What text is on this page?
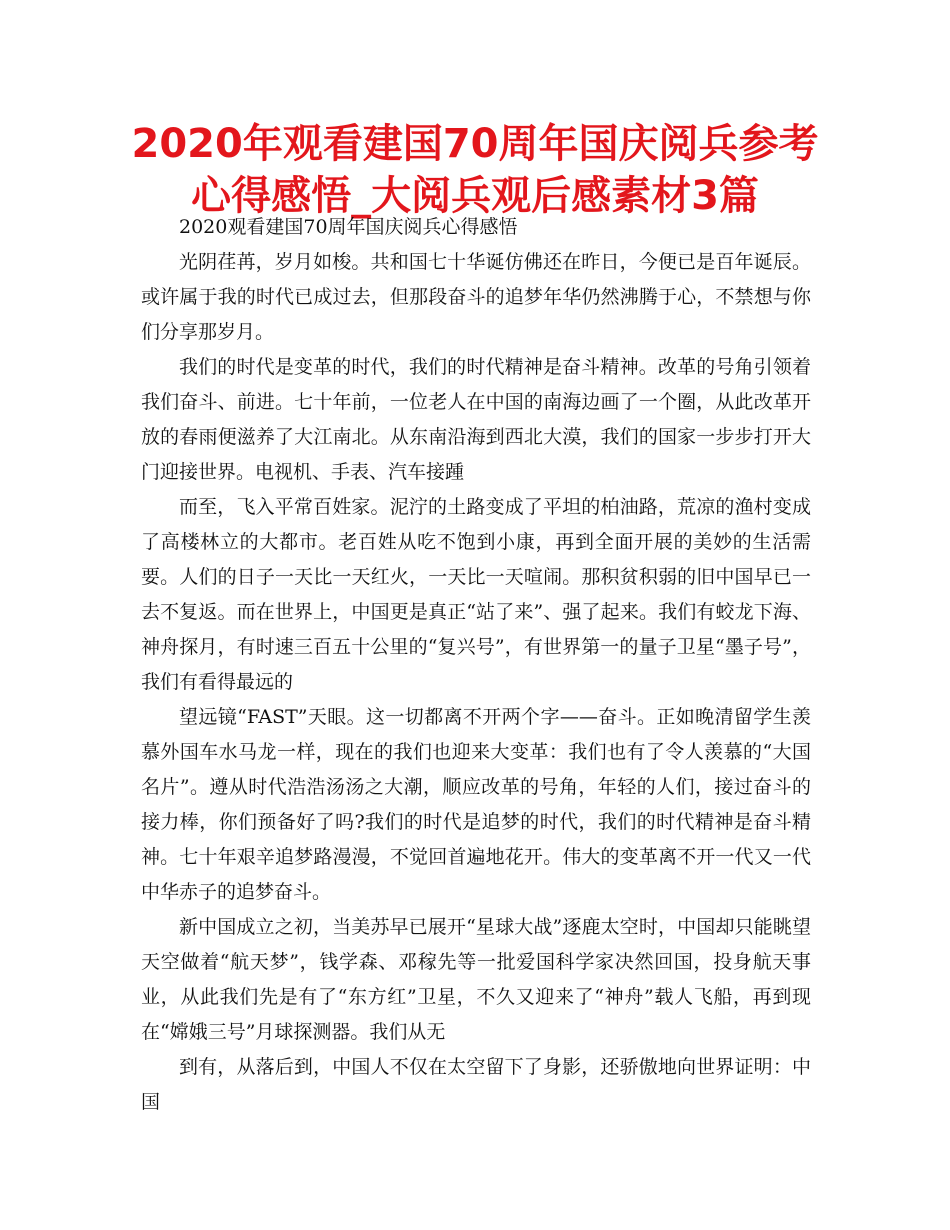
2020年观看建国70周年国庆阅兵参考心得感悟_大阅兵观后感素材3篇

2020观看建国70周年国庆阅兵心得感悟

光阴荏苒，岁月如梭。共和国七十华诞仿佛还在昨日，今便已是百年诞辰。或许属于我的时代已成过去，但那段奋斗的追梦年华仍然沸腾于心，不禁想与你们分享那岁月。

我们的时代是变革的时代，我们的时代精神是奋斗精神。改革的号角引领着我们奋斗、前进。七十年前，一位老人在中国的南海边画了一个圈，从此改革开放的春雨便滋养了大江南北。从东南沿海到西北大漠，我们的国家一步步打开大门迎接世界。电视机、手表、汽车接踵

而至，飞入平常百姓家。泥泞的土路变成了平坦的柏油路，荒凉的渔村变成了高楼林立的大都市。老百姓从吃不饱到小康，再到全面开展的美妙的生活需要。人们的日子一天比一天红火，一天比一天喧闹。那积贫积弱的旧中国早已一去不复返。而在世界上，中国更是真正“站了来”、强了起来。我们有蛟龙下海、神舟探月，有时速三百五十公里的“复兴号”，有世界第一的量子卫星“墨子号”，我们有看得最远的

望远镜“FAST”天眼。这一切都离不开两个字——奋斗。正如晚清留学生羡慕外国车水马龙一样，现在的我们也迎来大变革：我们也有了令人羡慕的“大国名片”。遵从时代浩浩汤汤之大潮，顺应改革的号角，年轻的人们，接过奋斗的接力棒，你们预备好了吗?我们的时代是追梦的时代，我们的时代精神是奋斗精神。七十年艰辛追梦路漫漫，不觉回首遍地花开。伟大的变革离不开一代又一代中华赤子的追梦奋斗。

新中国成立之初，当美苏早已展开“星球大战”逐鹿太空时，中国却只能眺望天空做着“航天梦”，钱学森、邓稼先等一批爱国科学家决然回国，投身航天事业，从此我们先是有了“东方红”卫星，不久又迎来了“神舟”载人飞船，再到现在“嫦娥三号”月球探测器。我们从无

到有，从落后到，中国人不仅在太空留下了身影，还骄傲地向世界证明：中国
